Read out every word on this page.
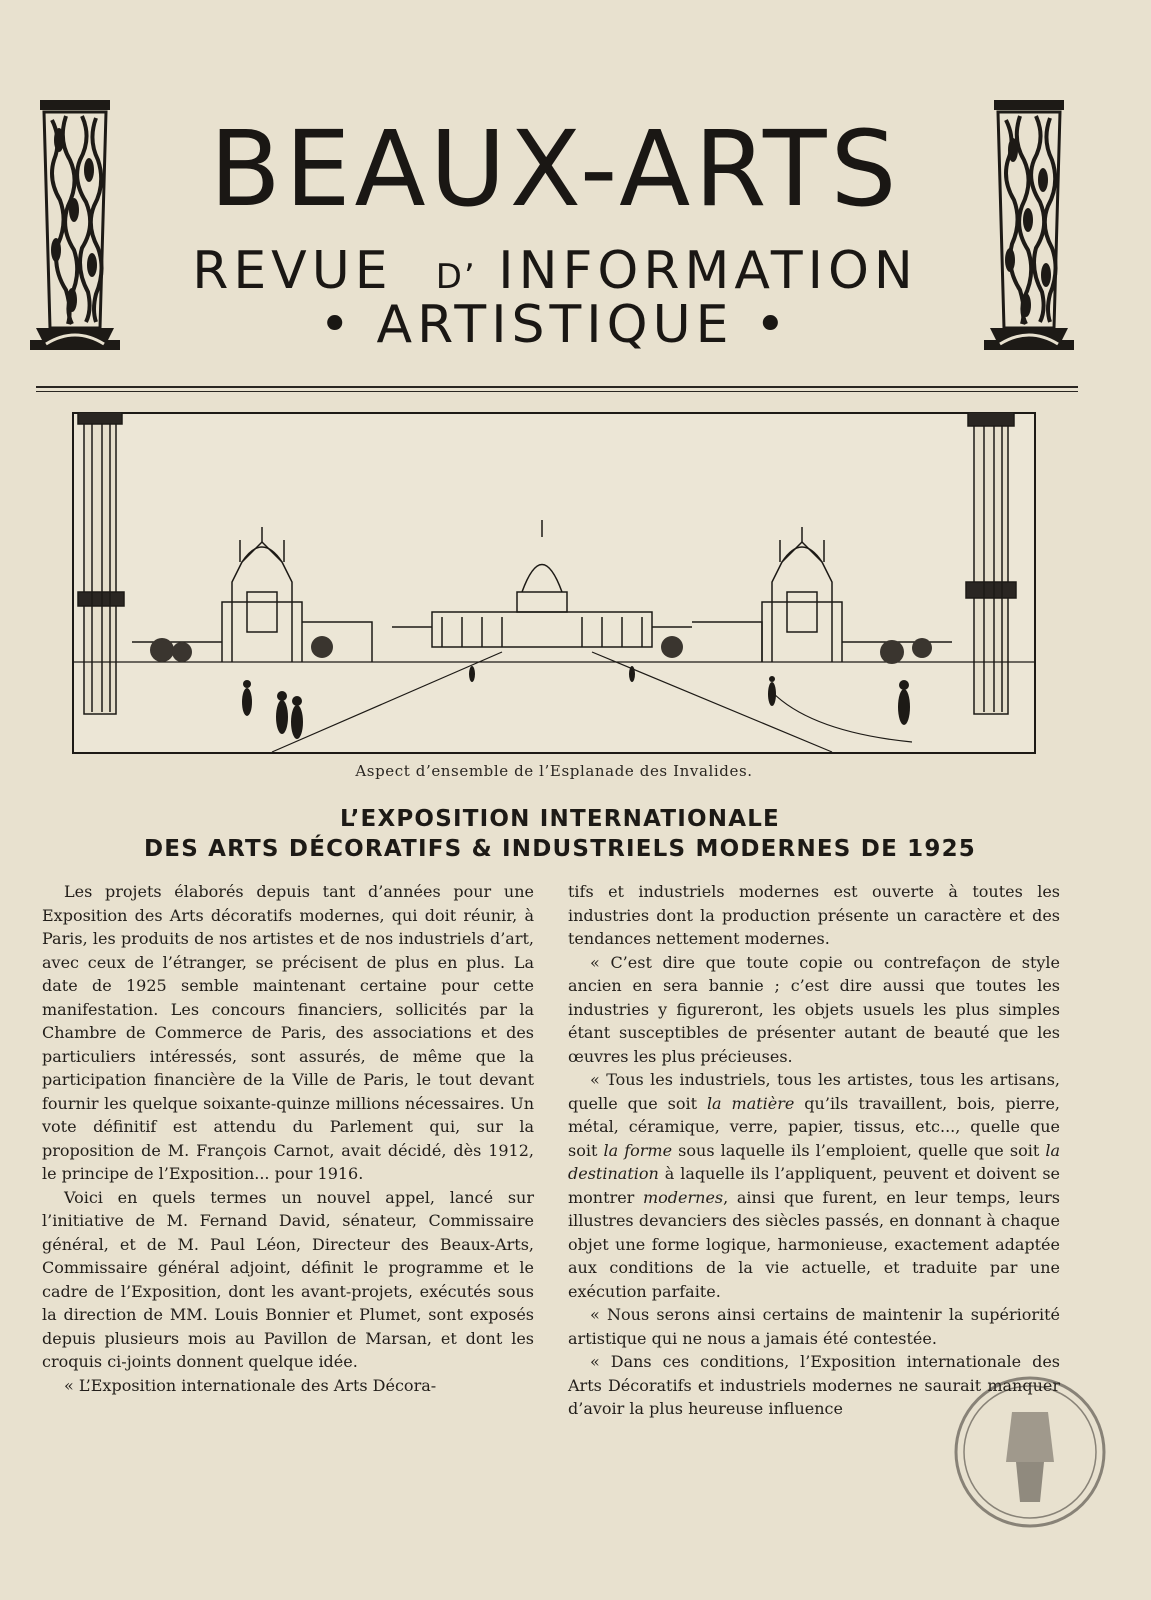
BEAUX-ARTS
REVUE D’ INFORMATION
• ARTISTIQUE •
Aspect d’ensemble de l’Esplanade des Invalides.
L’EXPOSITION INTERNATIONALE
DES ARTS DÉCORATIFS & INDUSTRIELS MODERNES DE 1925

Les projets élaborés depuis tant d’années pour une Exposition des Arts décoratifs modernes, qui doit réunir, à Paris, les produits de nos artistes et de nos industriels d’art, avec ceux de l’étranger, se précisent de plus en plus. La date de 1925 semble maintenant certaine pour cette manifestation. Les concours financiers, sollicités par la Chambre de Commerce de Paris, des associations et des particuliers intéressés, sont assurés, de même que la participation financière de la Ville de Paris, le tout devant fournir les quelque soixante-quinze millions nécessaires. Un vote définitif est attendu du Parlement qui, sur la proposition de M. François Carnot, avait décidé, dès 1912, le principe de l’Exposition... pour 1916.

Voici en quels termes un nouvel appel, lancé sur l’initiative de M. Fernand David, sénateur, Commissaire général, et de M. Paul Léon, Directeur des Beaux-Arts, Commissaire général adjoint, définit le programme et le cadre de l’Exposition, dont les avant-projets, exécutés sous la direction de MM. Louis Bonnier et Plumet, sont exposés depuis plusieurs mois au Pavillon de Marsan, et dont les croquis ci-joints donnent quelque idée.

« L’Exposition internationale des Arts Décora-

tifs et industriels modernes est ouverte à toutes les industries dont la production présente un caractère et des tendances nettement modernes.

« C’est dire que toute copie ou contrefaçon de style ancien en sera bannie ; c’est dire aussi que toutes les industries y figureront, les objets usuels les plus simples étant susceptibles de présenter autant de beauté que les œuvres les plus précieuses.

« Tous les industriels, tous les artistes, tous les artisans, quelle que soit la matière qu’ils travaillent, bois, pierre, métal, céramique, verre, papier, tissus, etc..., quelle que soit la forme sous laquelle ils l’emploient, quelle que soit la destination à laquelle ils l’appliquent, peuvent et doivent se montrer modernes, ainsi que furent, en leur temps, leurs illustres devanciers des siècles passés, en donnant à chaque objet une forme logique, harmonieuse, exactement adaptée aux conditions de la vie actuelle, et traduite par une exécution parfaite.

« Nous serons ainsi certains de maintenir la supériorité artistique qui ne nous a jamais été contestée.

« Dans ces conditions, l’Exposition internationale des Arts Décoratifs et industriels modernes ne saurait manquer d’avoir la plus heureuse influence
